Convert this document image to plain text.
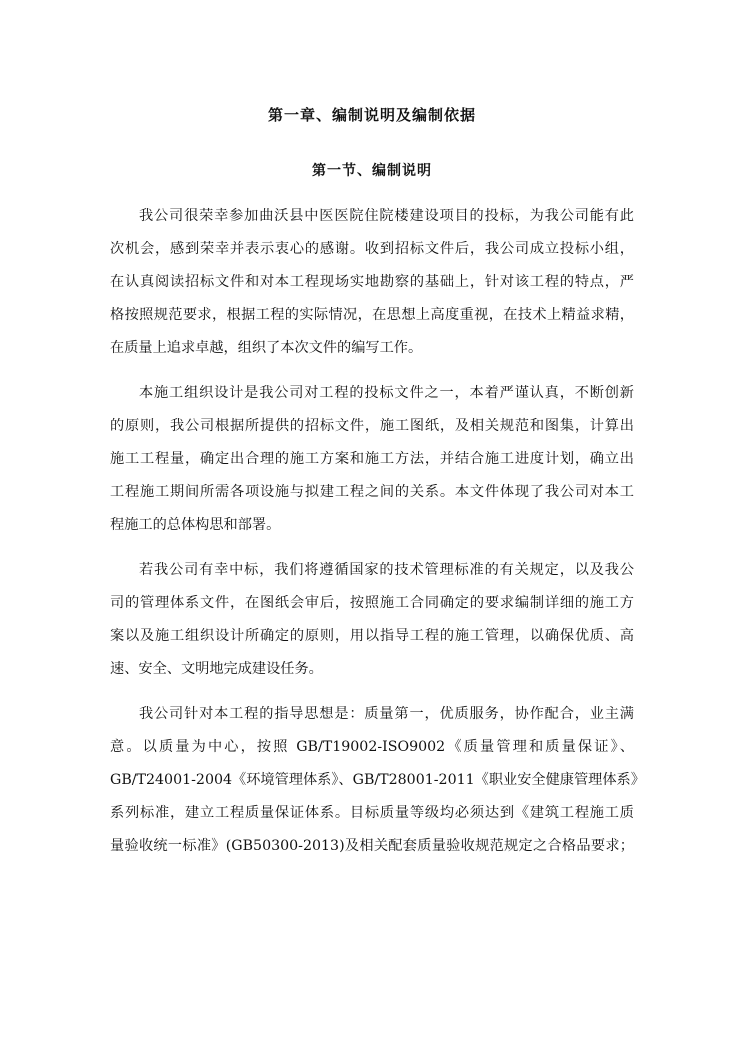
第一章、编制说明及编制依据
第一节、编制说明
我公司很荣幸参加曲沃县中医医院住院楼建设项目的投标，为我公司能有此
次机会，感到荣幸并表示衷心的感谢。收到招标文件后，我公司成立投标小组，
在认真阅读招标文件和对本工程现场实地勘察的基础上，针对该工程的特点，严
格按照规范要求，根据工程的实际情况，在思想上高度重视，在技术上精益求精，
在质量上追求卓越，组织了本次文件的编写工作。
本施工组织设计是我公司对工程的投标文件之一，本着严谨认真，不断创新
的原则，我公司根据所提供的招标文件，施工图纸，及相关规范和图集，计算出
施工工程量，确定出合理的施工方案和施工方法，并结合施工进度计划，确立出
工程施工期间所需各项设施与拟建工程之间的关系。本文件体现了我公司对本工
程施工的总体构思和部署。
若我公司有幸中标，我们将遵循国家的技术管理标准的有关规定，以及我公
司的管理体系文件，在图纸会审后，按照施工合同确定的要求编制详细的施工方
案以及施工组织设计所确定的原则，用以指导工程的施工管理，以确保优质、高
速、安全、文明地完成建设任务。
我公司针对本工程的指导思想是：质量第一，优质服务，协作配合，业主满
意。以质量为中心，按照 GB/T19002-ISO9002《质量管理和质量保证》、
GB/T24001-2004《环境管理体系》、GB/T28001-2011《职业安全健康管理体系》
系列标准，建立工程质量保证体系。目标质量等级均必须达到《建筑工程施工质
量验收统一标准》(GB50300-2013)及相关配套质量验收规范规定之合格品要求；
